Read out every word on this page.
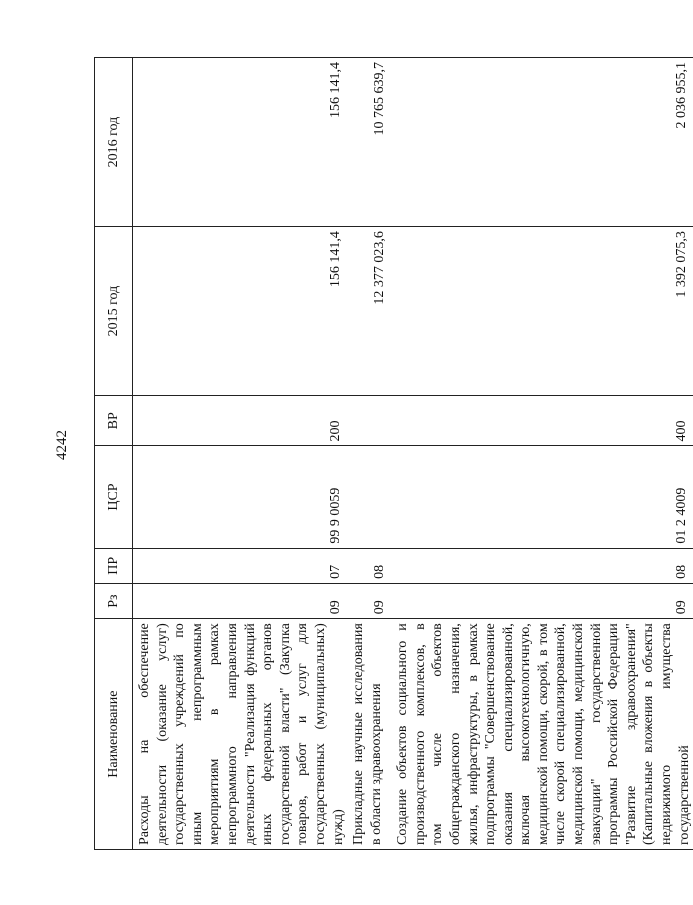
4242
Наименование	Рз	ПР	ЦСР	ВР	2015 год	2016 год
Расходы на обеспечение деятельности (оказание услуг) государственных учреждений по иным непрограммным мероприятиям в рамках непрограммного направления деятельности "Реализация функций иных федеральных органов государственной власти" (Закупка товаров, работ и услуг для государственных (муниципальных) нужд)	09	07	99 9 0059	200	156 141,4	156 141,4
Прикладные научные исследования в области здравоохранения	09	08			12 377 023,6	10 765 639,7
Создание объектов социального и производственного комплексов, в том числе объектов общегражданского назначения, жилья, инфраструктуры, в рамках подпрограммы "Совершенствование оказания специализированной, включая высокотехнологичную, медицинской помощи, скорой, в том числе скорой специализированной, медицинской помощи, медицинской эвакуации" государственной программы Российской Федерации "Развитие здравоохранения" (Капитальные вложения в объекты недвижимого имущества государственной	09	08	01 2 4009	400	1 392 075,3	2 036 955,1
